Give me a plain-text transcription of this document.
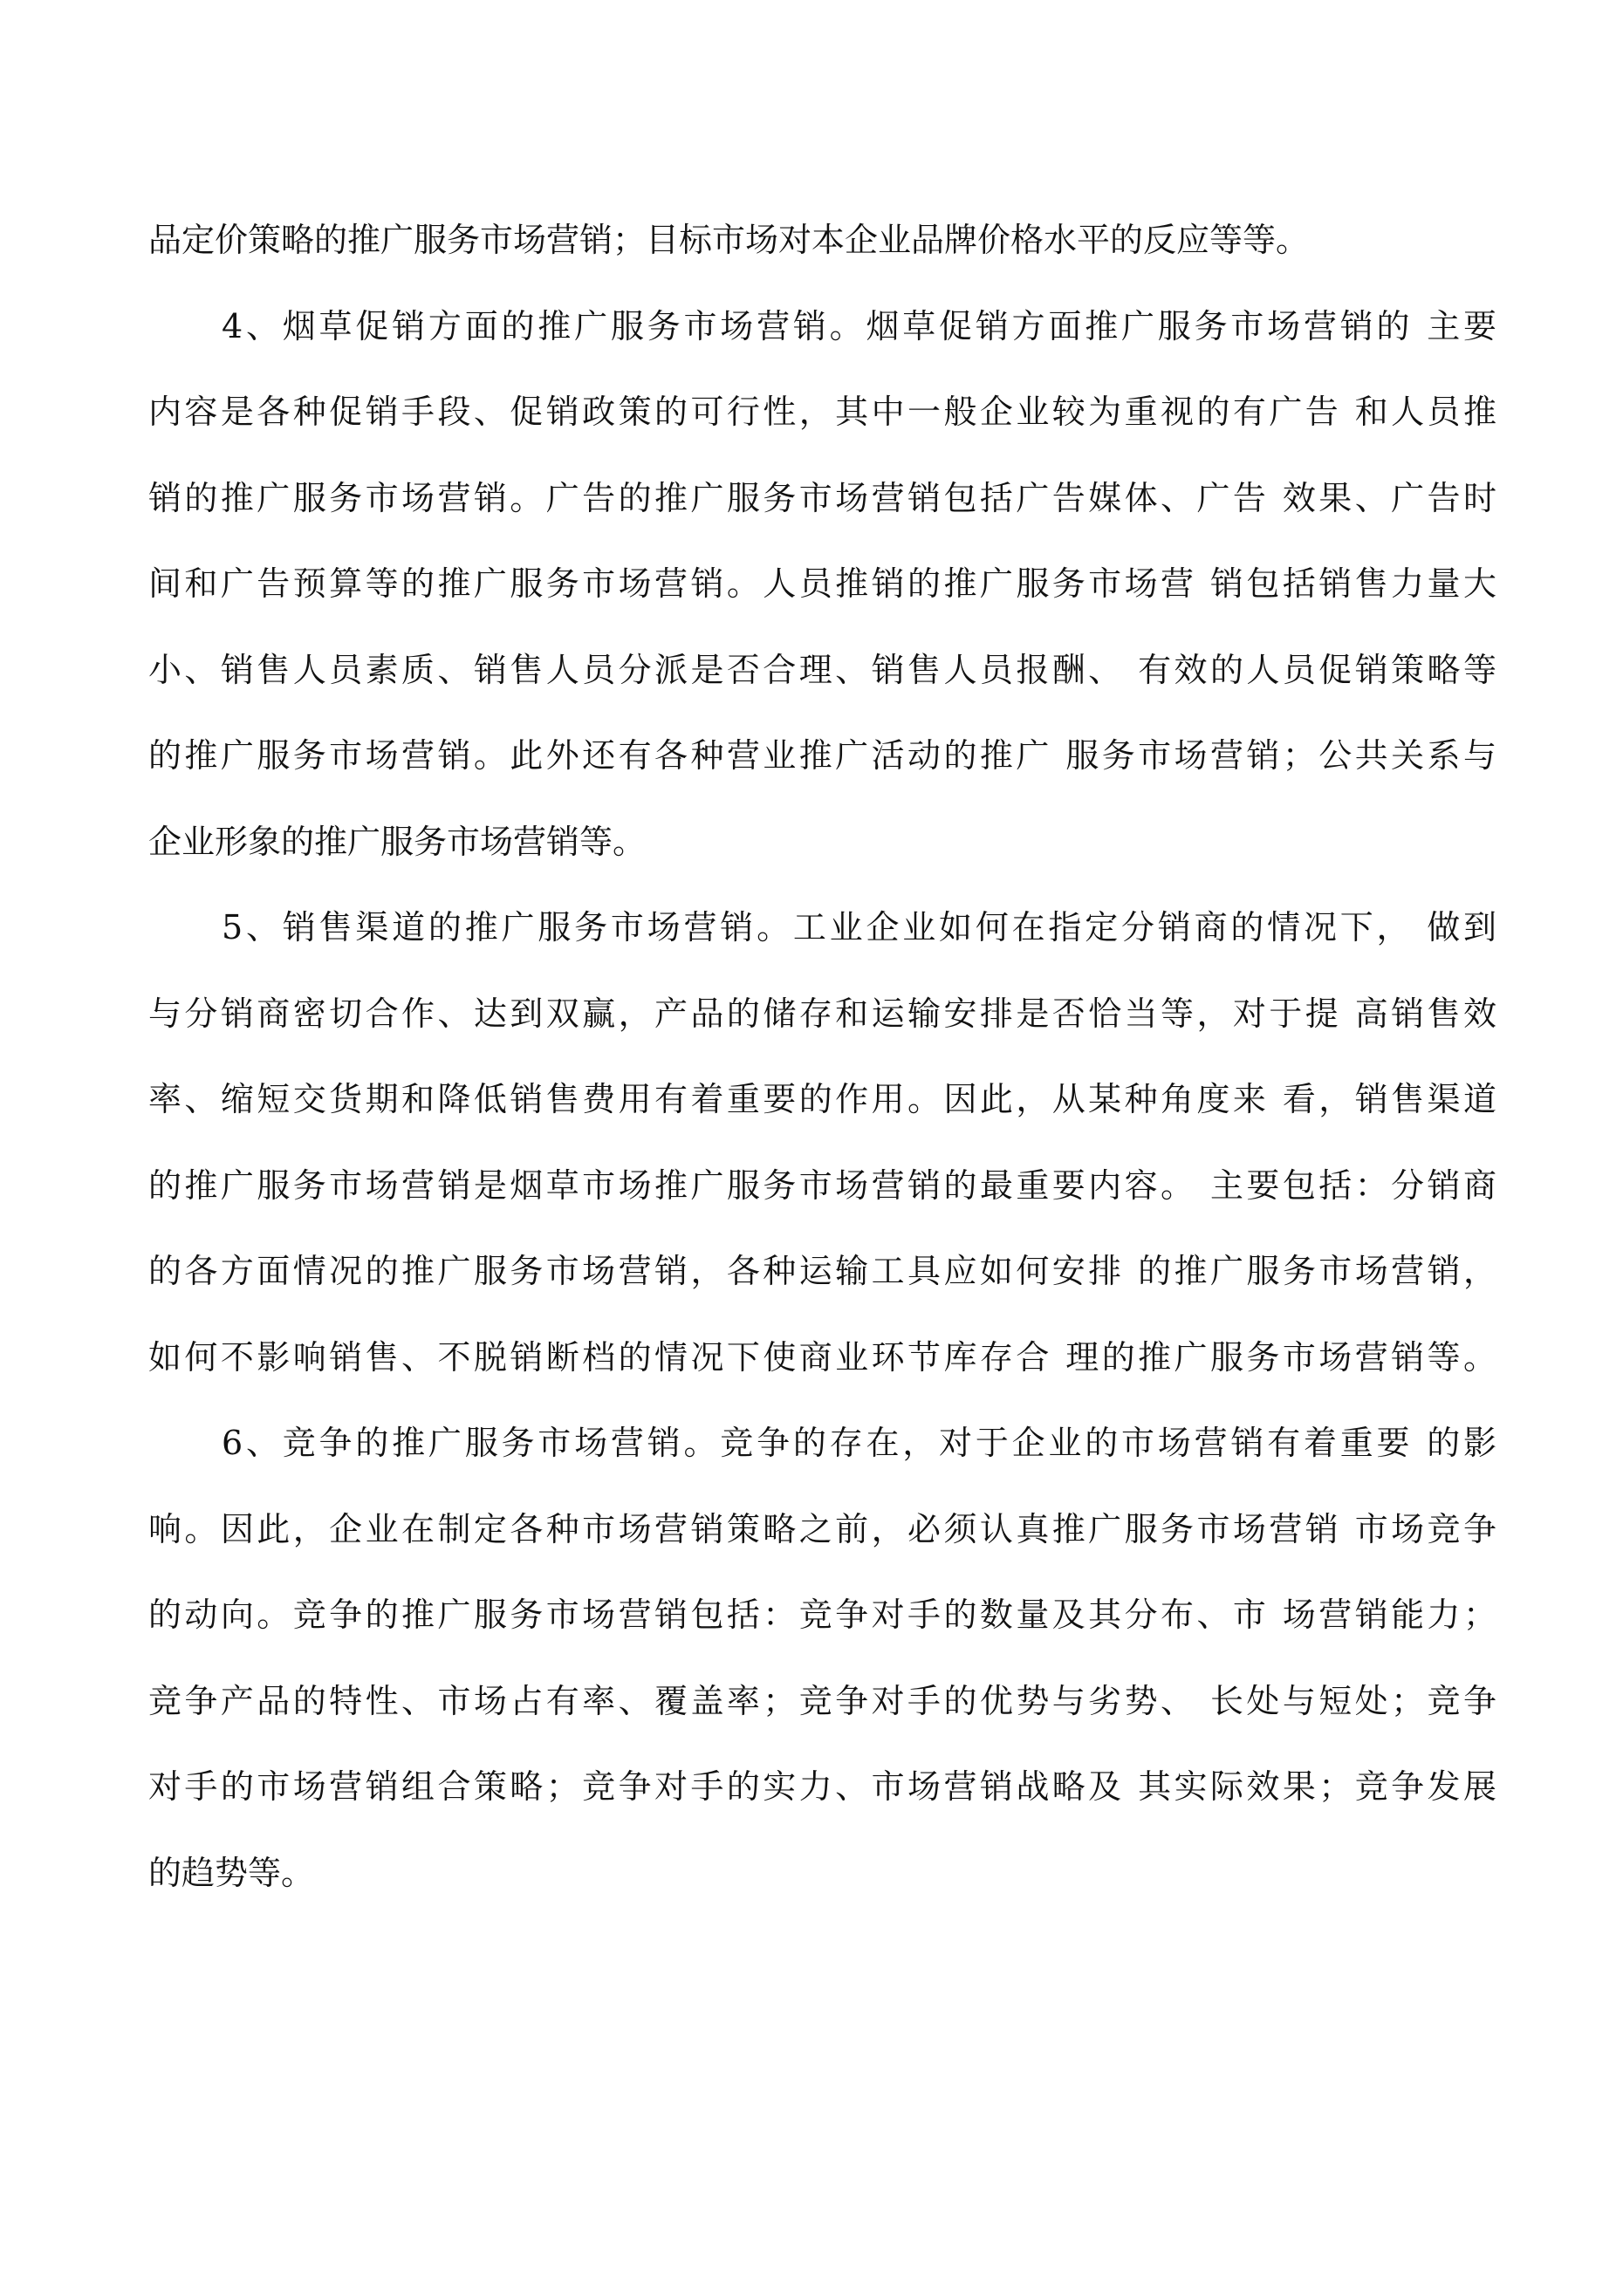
品定价策略的推广服务市场营销；目标市场对本企业品牌价格水平的反应等等。
4、烟草促销方面的推广服务市场营销。烟草促销方面推广服务市场营销的 主要
内容是各种促销手段、促销政策的可行性，其中一般企业较为重视的有广告 和人员推
销的推广服务市场营销。广告的推广服务市场营销包括广告媒体、广告 效果、广告时
间和广告预算等的推广服务市场营销。人员推销的推广服务市场营 销包括销售力量大
小、销售人员素质、销售人员分派是否合理、销售人员报酬、 有效的人员促销策略等
的推广服务市场营销。此外还有各种营业推广活动的推广 服务市场营销；公共关系与
企业形象的推广服务市场营销等。
5、销售渠道的推广服务市场营销。工业企业如何在指定分销商的情况下， 做到
与分销商密切合作、达到双赢，产品的储存和运输安排是否恰当等，对于提 高销售效
率、缩短交货期和降低销售费用有着重要的作用。因此，从某种角度来 看，销售渠道
的推广服务市场营销是烟草市场推广服务市场营销的最重要内容。 主要包括：分销商
的各方面情况的推广服务市场营销，各种运输工具应如何安排 的推广服务市场营销，
如何不影响销售、不脱销断档的情况下使商业环节库存合 理的推广服务市场营销等。
6、竞争的推广服务市场营销。竞争的存在，对于企业的市场营销有着重要 的影
响。因此，企业在制定各种市场营销策略之前，必须认真推广服务市场营销 市场竞争
的动向。竞争的推广服务市场营销包括：竞争对手的数量及其分布、市 场营销能力；
竞争产品的特性、市场占有率、覆盖率；竞争对手的优势与劣势、 长处与短处；竞争
对手的市场营销组合策略；竞争对手的实力、市场营销战略及 其实际效果；竞争发展
的趋势等。
